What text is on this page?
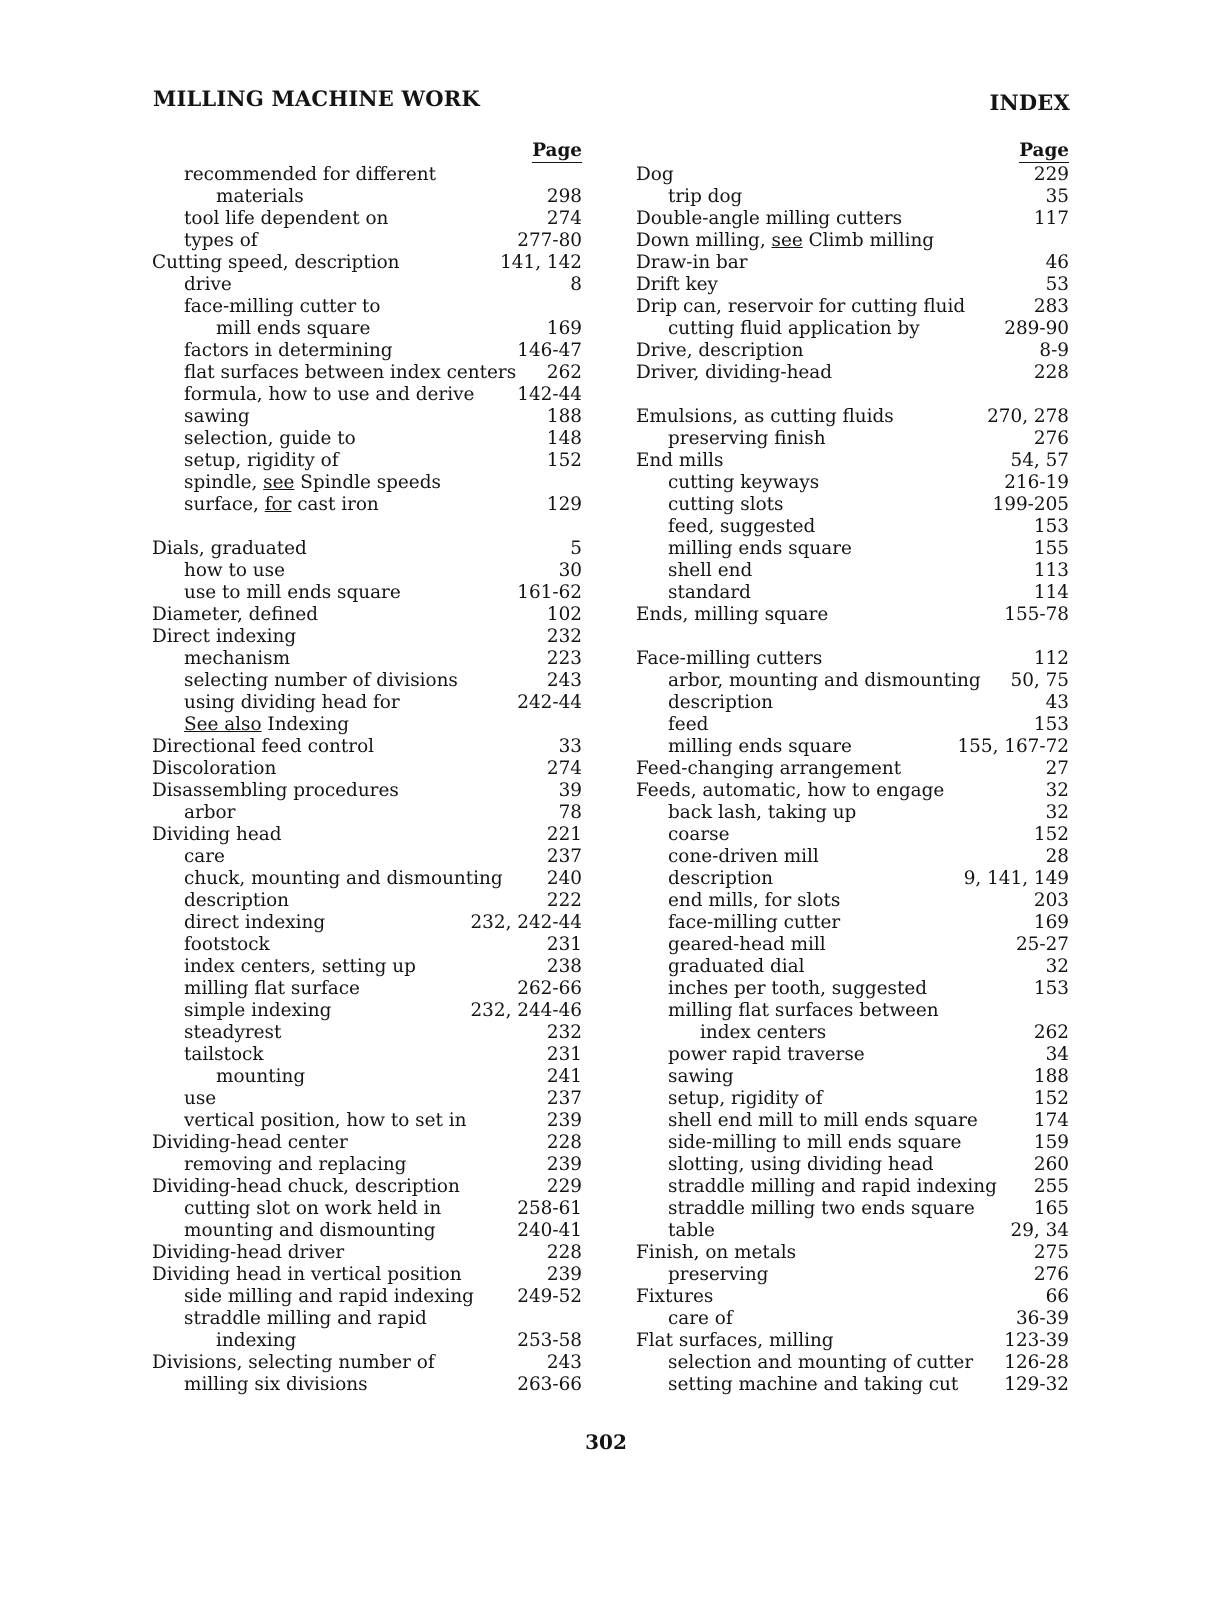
MILLING MACHINE WORK	INDEX
Page
recommended for different
materials	298
tool life dependent on	274
types of	277-80
Cutting speed, description	141, 142
drive	8
face-milling cutter to
mill ends square	169
factors in determining	146-47
flat surfaces between index centers	262
formula, how to use and derive	142-44
sawing	188
selection, guide to	148
setup, rigidity of	152
spindle, see Spindle speeds
surface, for cast iron	129
Dials, graduated	5
how to use	30
use to mill ends square	161-62
Diameter, defined	102
Direct indexing	232
mechanism	223
selecting number of divisions	243
using dividing head for	242-44
See also Indexing
Directional feed control	33
Discoloration	274
Disassembling procedures	39
arbor	78
Dividing head	221
care	237
chuck, mounting and dismounting	240
description	222
direct indexing	232, 242-44
footstock	231
index centers, setting up	238
milling flat surface	262-66
simple indexing	232, 244-46
steadyrest	232
tailstock	231
mounting	241
use	237
vertical position, how to set in	239
Dividing-head center	228
removing and replacing	239
Dividing-head chuck, description	229
cutting slot on work held in	258-61
mounting and dismounting	240-41
Dividing-head driver	228
Dividing head in vertical position	239
side milling and rapid indexing	249-52
straddle milling and rapid
indexing	253-58
Divisions, selecting number of	243
milling six divisions	263-66
Page
Dog	229
trip dog	35
Double-angle milling cutters	117
Down milling, see Climb milling
Draw-in bar	46
Drift key	53
Drip can, reservoir for cutting fluid	283
cutting fluid application by	289-90
Drive, description	8-9
Driver, dividing-head	228
Emulsions, as cutting fluids	270, 278
preserving finish	276
End mills	54, 57
cutting keyways	216-19
cutting slots	199-205
feed, suggested	153
milling ends square	155
shell end	113
standard	114
Ends, milling square	155-78
Face-milling cutters	112
arbor, mounting and dismounting	50, 75
description	43
feed	153
milling ends square	155, 167-72
Feed-changing arrangement	27
Feeds, automatic, how to engage	32
back lash, taking up	32
coarse	152
cone-driven mill	28
description	9, 141, 149
end mills, for slots	203
face-milling cutter	169
geared-head mill	25-27
graduated dial	32
inches per tooth, suggested	153
milling flat surfaces between
index centers	262
power rapid traverse	34
sawing	188
setup, rigidity of	152
shell end mill to mill ends square	174
side-milling to mill ends square	159
slotting, using dividing head	260
straddle milling and rapid indexing	255
straddle milling two ends square	165
table	29, 34
Finish, on metals	275
preserving	276
Fixtures	66
care of	36-39
Flat surfaces, milling	123-39
selection and mounting of cutter	126-28
setting machine and taking cut	129-32
302
